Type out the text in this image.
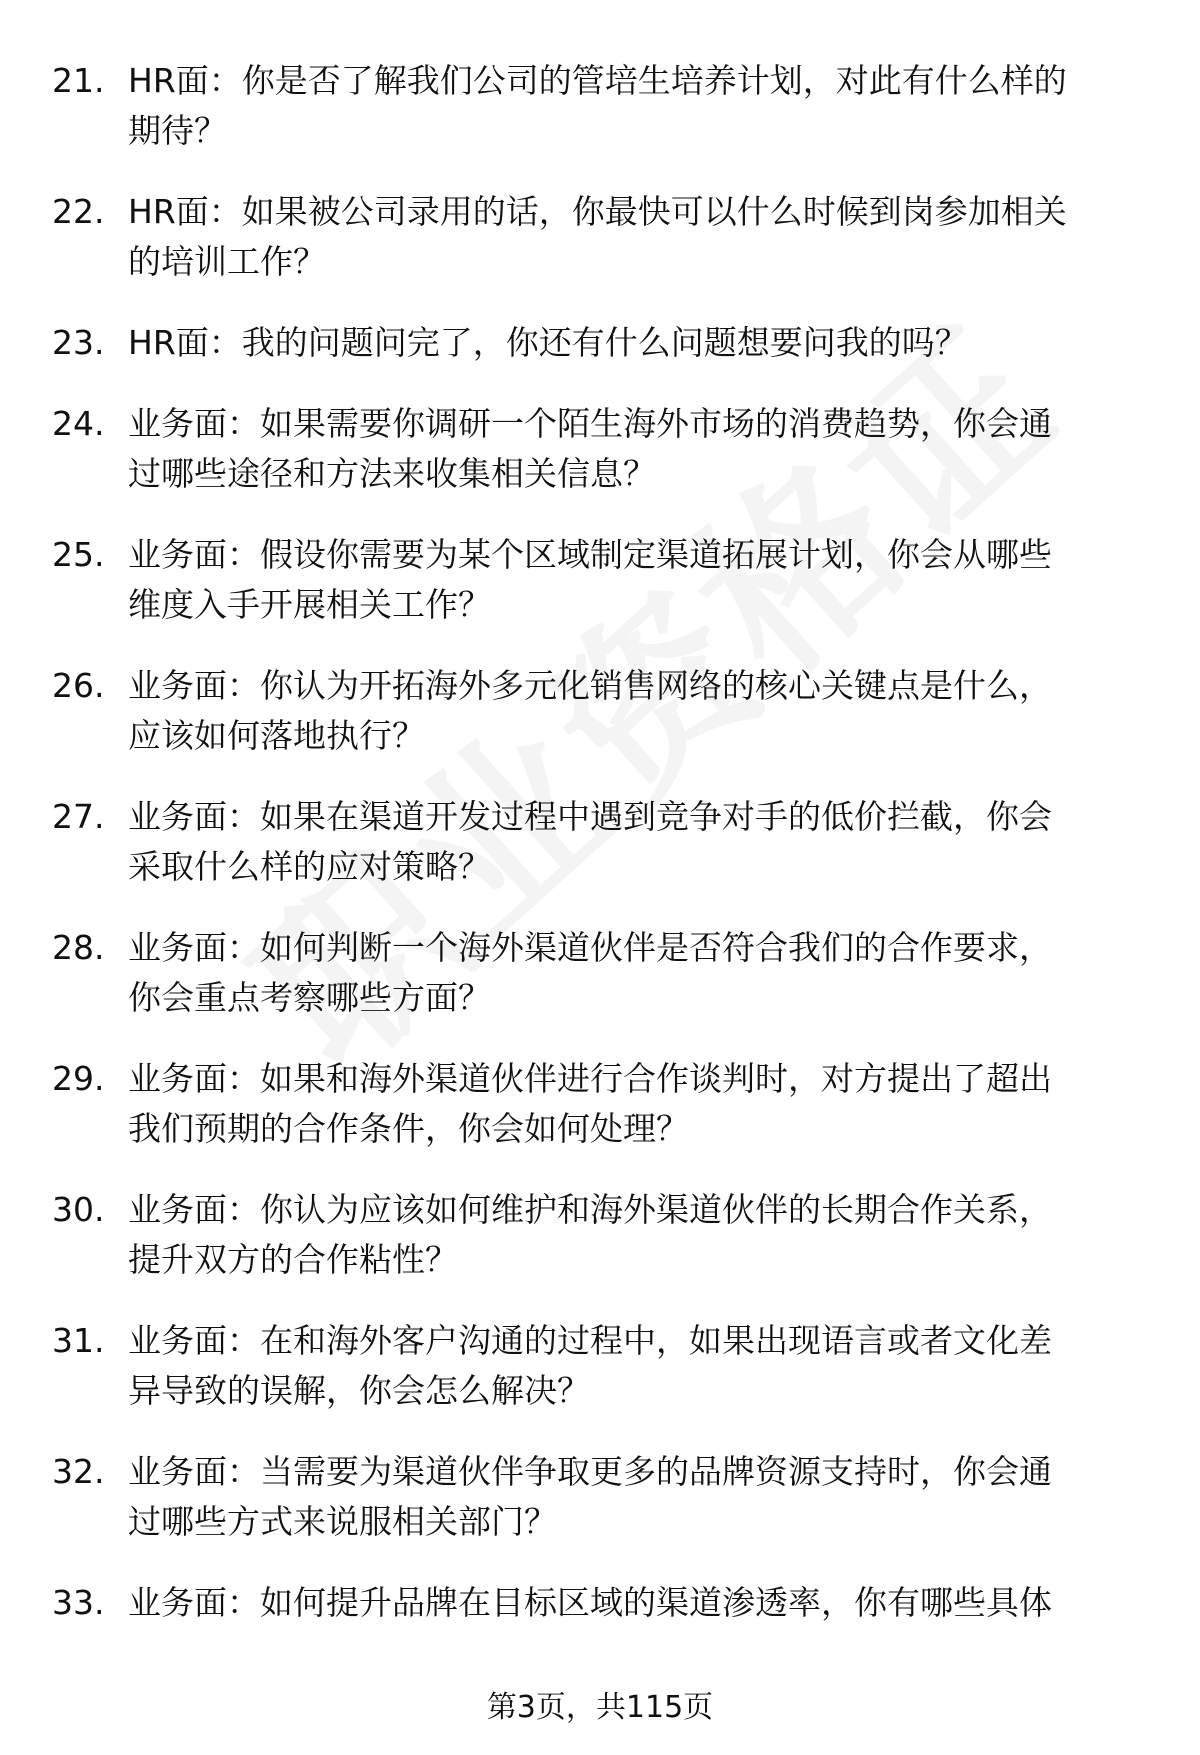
21. HR面：你是否了解我们公司的管培生培养计划，对此有什么样的
期待？
22. HR面：如果被公司录用的话，你最快可以什么时候到岗参加相关
的培训工作？
23. HR面：我的问题问完了，你还有什么问题想要问我的吗？
24. 业务面：如果需要你调研一个陌生海外市场的消费趋势，你会通
过哪些途径和方法来收集相关信息？
25. 业务面：假设你需要为某个区域制定渠道拓展计划，你会从哪些
维度入手开展相关工作？
26. 业务面：你认为开拓海外多元化销售网络的核心关键点是什么，
应该如何落地执行？
27. 业务面：如果在渠道开发过程中遇到竞争对手的低价拦截，你会
采取什么样的应对策略？
28. 业务面：如何判断一个海外渠道伙伴是否符合我们的合作要求，
你会重点考察哪些方面？
29. 业务面：如果和海外渠道伙伴进行合作谈判时，对方提出了超出
我们预期的合作条件，你会如何处理？
30. 业务面：你认为应该如何维护和海外渠道伙伴的长期合作关系，
提升双方的合作粘性？
31. 业务面：在和海外客户沟通的过程中，如果出现语言或者文化差
异导致的误解，你会怎么解决？
32. 业务面：当需要为渠道伙伴争取更多的品牌资源支持时，你会通
过哪些方式来说服相关部门？
33. 业务面：如何提升品牌在目标区域的渠道渗透率，你有哪些具体
第3页，共115页
